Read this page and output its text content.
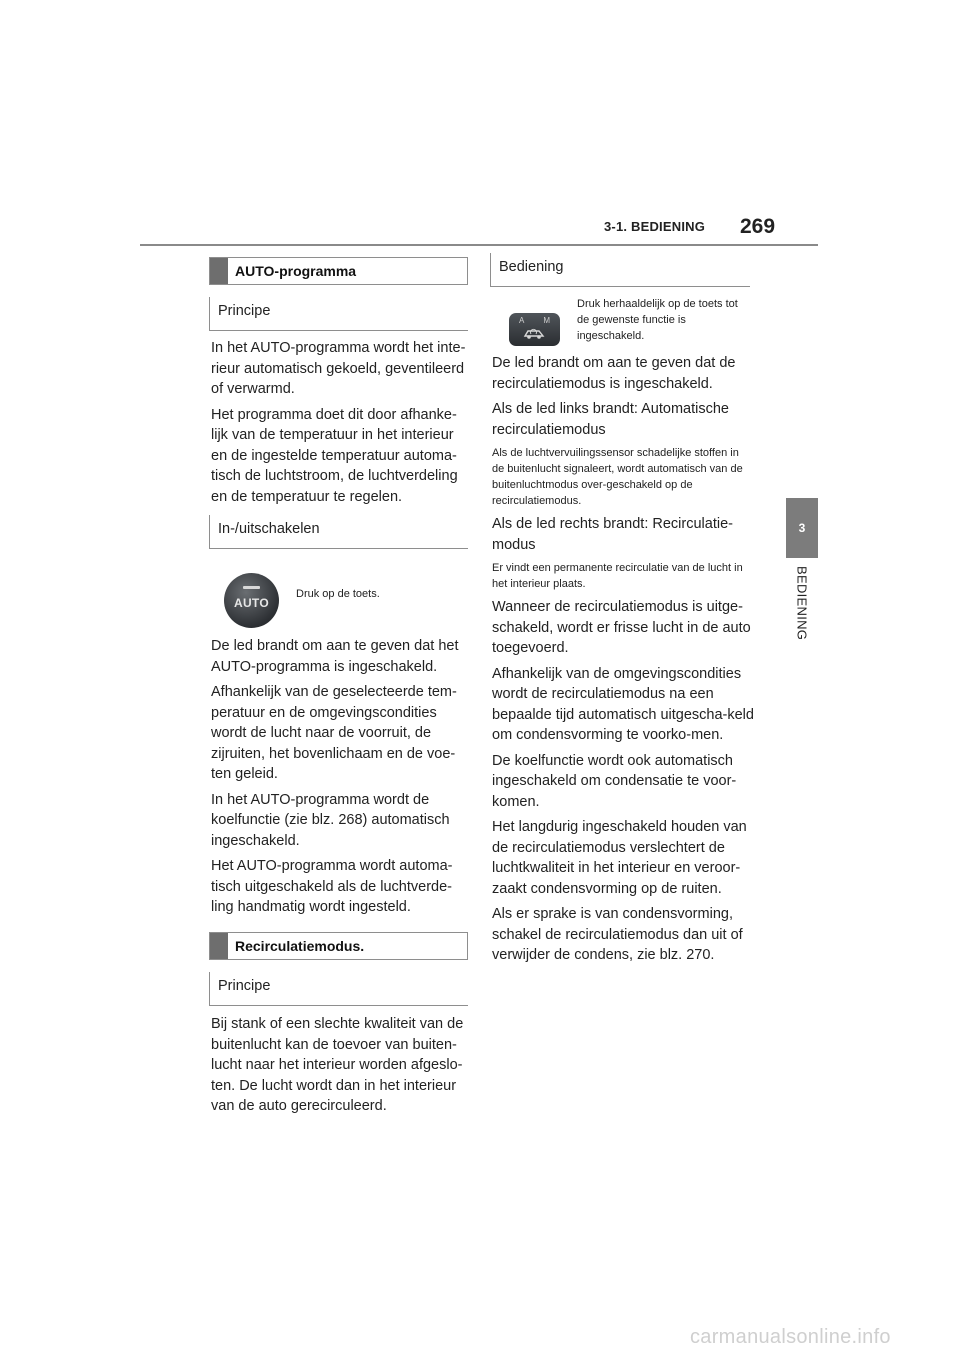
3-1. BEDIENING 269
3
BEDIENING
AUTO-programma
Principe

In het AUTO-programma wordt het inte-rieur automatisch gekoeld, geventileerd of verwarmd.

Het programma doet dit door afhanke-lijk van de temperatuur in het interieur en de ingestelde temperatuur automa-tisch de luchtstroom, de luchtverdeling en de temperatuur te regelen.

In-/uitschakelen
AUTO
Druk op de toets.

De led brandt om aan te geven dat het AUTO-programma is ingeschakeld.

Afhankelijk van de geselecteerde tem-peratuur en de omgevingscondities wordt de lucht naar de voorruit, de zijruiten, het bovenlichaam en de voe-ten geleid.

In het AUTO-programma wordt de koelfunctie (zie blz. 268) automatisch ingeschakeld.

Het AUTO-programma wordt automa-tisch uitgeschakeld als de luchtverde-ling handmatig wordt ingesteld.

Recirculatiemodus.
Principe

Bij stank of een slechte kwaliteit van de buitenlucht kan de toevoer van buiten-lucht naar het interieur worden afgeslo-ten. De lucht wordt dan in het interieur van de auto gerecirculeerd.

Bediening
A M
Druk herhaaldelijk op de toets tot de gewenste functie is ingeschakeld.

De led brandt om aan te geven dat de recirculatiemodus is ingeschakeld.

Als de led links brandt: Automatische recirculatiemodus

Als de luchtvervuilingssensor schadelijke stoffen in de buitenlucht signaleert, wordt automatisch van de buitenluchtmodus over-geschakeld op de recirculatiemodus.

Als de led rechts brandt: Recirculatie-modus

Er vindt een permanente recirculatie van de lucht in het interieur plaats.

Wanneer de recirculatiemodus is uitge-schakeld, wordt er frisse lucht in de auto toegevoerd.

Afhankelijk van de omgevingscondities wordt de recirculatiemodus na een bepaalde tijd automatisch uitgescha-keld om condensvorming te voorko-men.

De koelfunctie wordt ook automatisch ingeschakeld om condensatie te voor-komen.

Het langdurig ingeschakeld houden van de recirculatiemodus verslechtert de luchtkwaliteit in het interieur en veroor-zaakt condensvorming op de ruiten.

Als er sprake is van condensvorming, schakel de recirculatiemodus dan uit of verwijder de condens, zie blz. 270.

carmanualsonline.info
